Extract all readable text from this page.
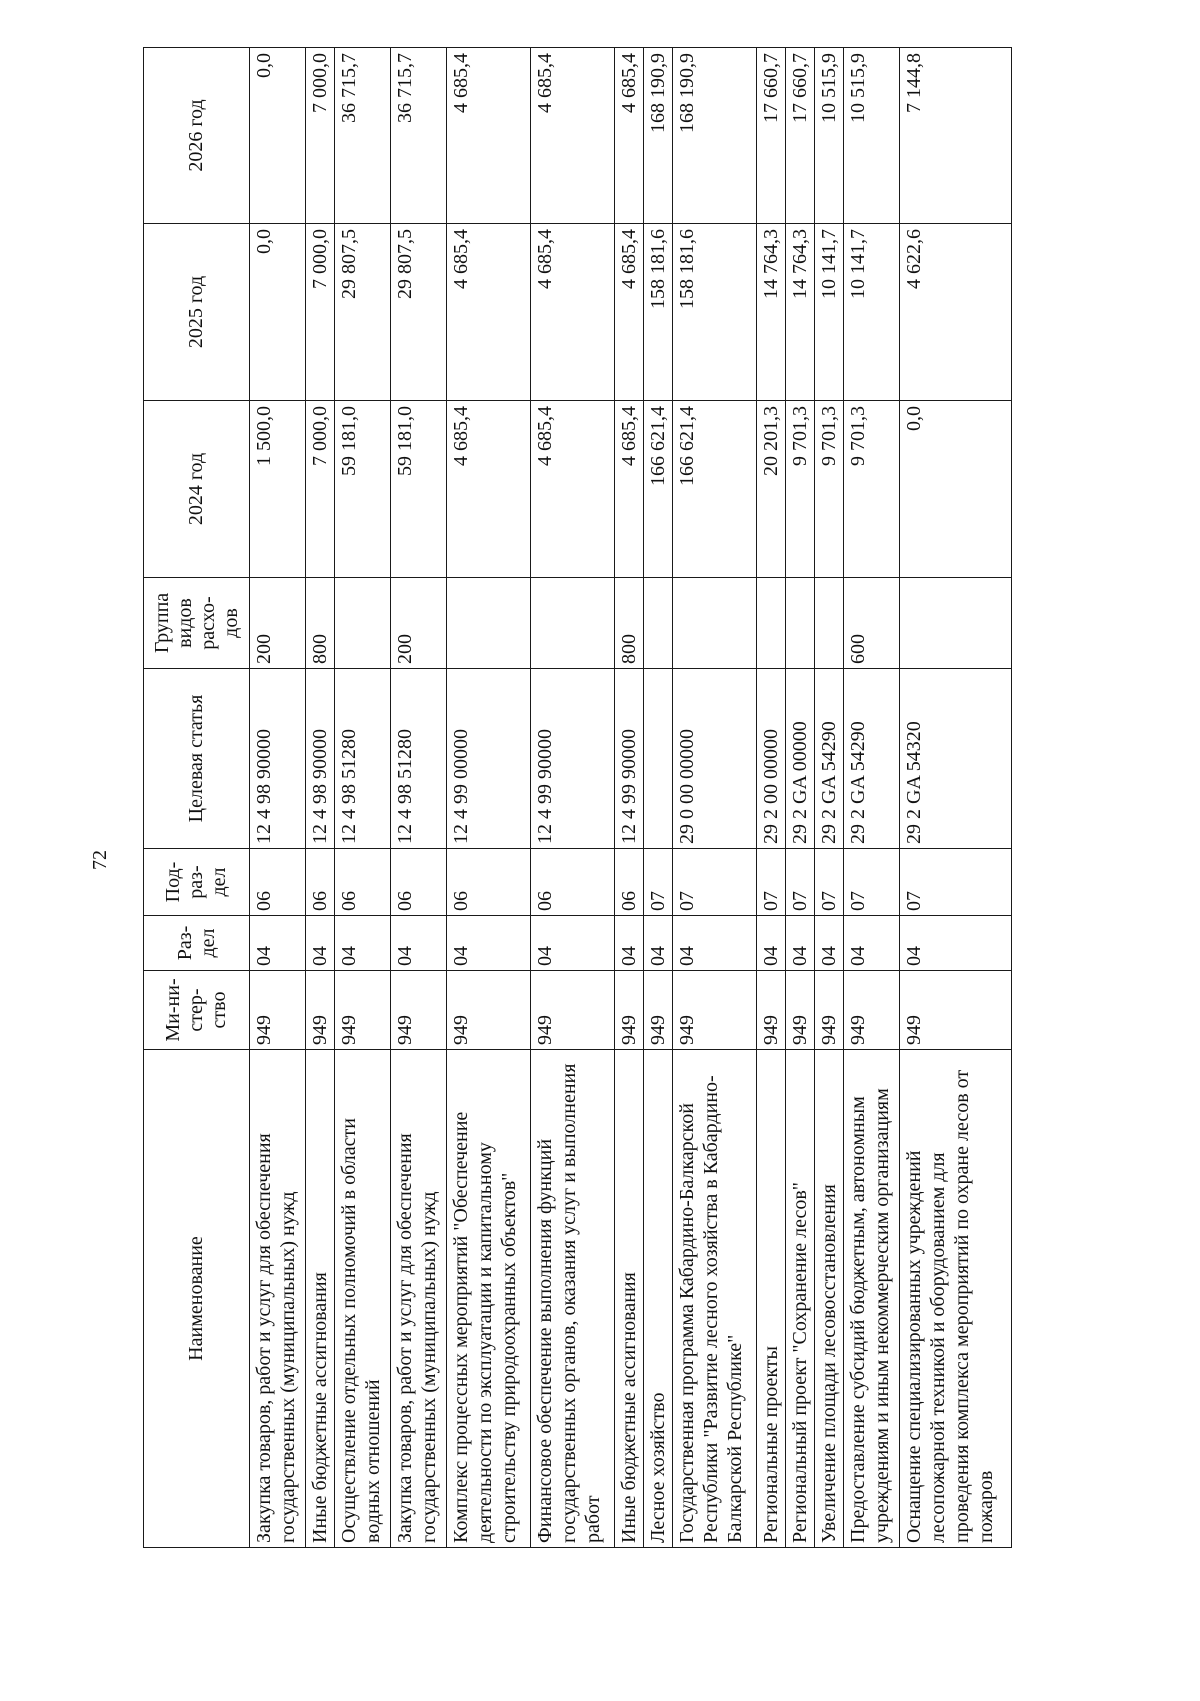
72
Наименование	Ми-ни-стер-ство	Раз-дел	Под-раз-дел	Целевая статья	Группа видов расхо-дов	2024 год	2025 год	2026 год
Закупка товаров, работ и услуг для обеспечения государственных (муниципальных) нужд	949	04	06	12 4 98 90000	200	1 500,0	0,0	0,0
Иные бюджетные ассигнования	949	04	06	12 4 98 90000	800	7 000,0	7 000,0	7 000,0
Осуществление отдельных полномочий в области водных отношений	949	04	06	12 4 98 51280		59 181,0	29 807,5	36 715,7
Закупка товаров, работ и услуг для обеспечения государственных (муниципальных) нужд	949	04	06	12 4 98 51280	200	59 181,0	29 807,5	36 715,7
Комплекс процессных мероприятий "Обеспечение деятельности по эксплуатации и капитальному строительству природоохранных объектов"	949	04	06	12 4 99 00000		4 685,4	4 685,4	4 685,4
Финансовое обеспечение выполнения функций государственных органов, оказания услуг и выполнения работ	949	04	06	12 4 99 90000		4 685,4	4 685,4	4 685,4
Иные бюджетные ассигнования	949	04	06	12 4 99 90000	800	4 685,4	4 685,4	4 685,4
Лесное хозяйство	949	04	07			166 621,4	158 181,6	168 190,9
Государственная программа Кабардино-Балкарской Республики "Развитие лесного хозяйства в Кабардино-Балкарской Республике"	949	04	07	29 0 00 00000		166 621,4	158 181,6	168 190,9
Региональные проекты	949	04	07	29 2 00 00000		20 201,3	14 764,3	17 660,7
Региональный проект "Сохранение лесов"	949	04	07	29 2 GA 00000		9 701,3	14 764,3	17 660,7
Увеличение площади лесовосстановления	949	04	07	29 2 GA 54290		9 701,3	10 141,7	10 515,9
Предоставление субсидий бюджетным, автономным учреждениям и иным некоммерческим организациям	949	04	07	29 2 GA 54290	600	9 701,3	10 141,7	10 515,9
Оснащение специализированных учреждений лесопожарной техникой и оборудованием для проведения комплекса мероприятий по охране лесов от пожаров	949	04	07	29 2 GA 54320		0,0	4 622,6	7 144,8
